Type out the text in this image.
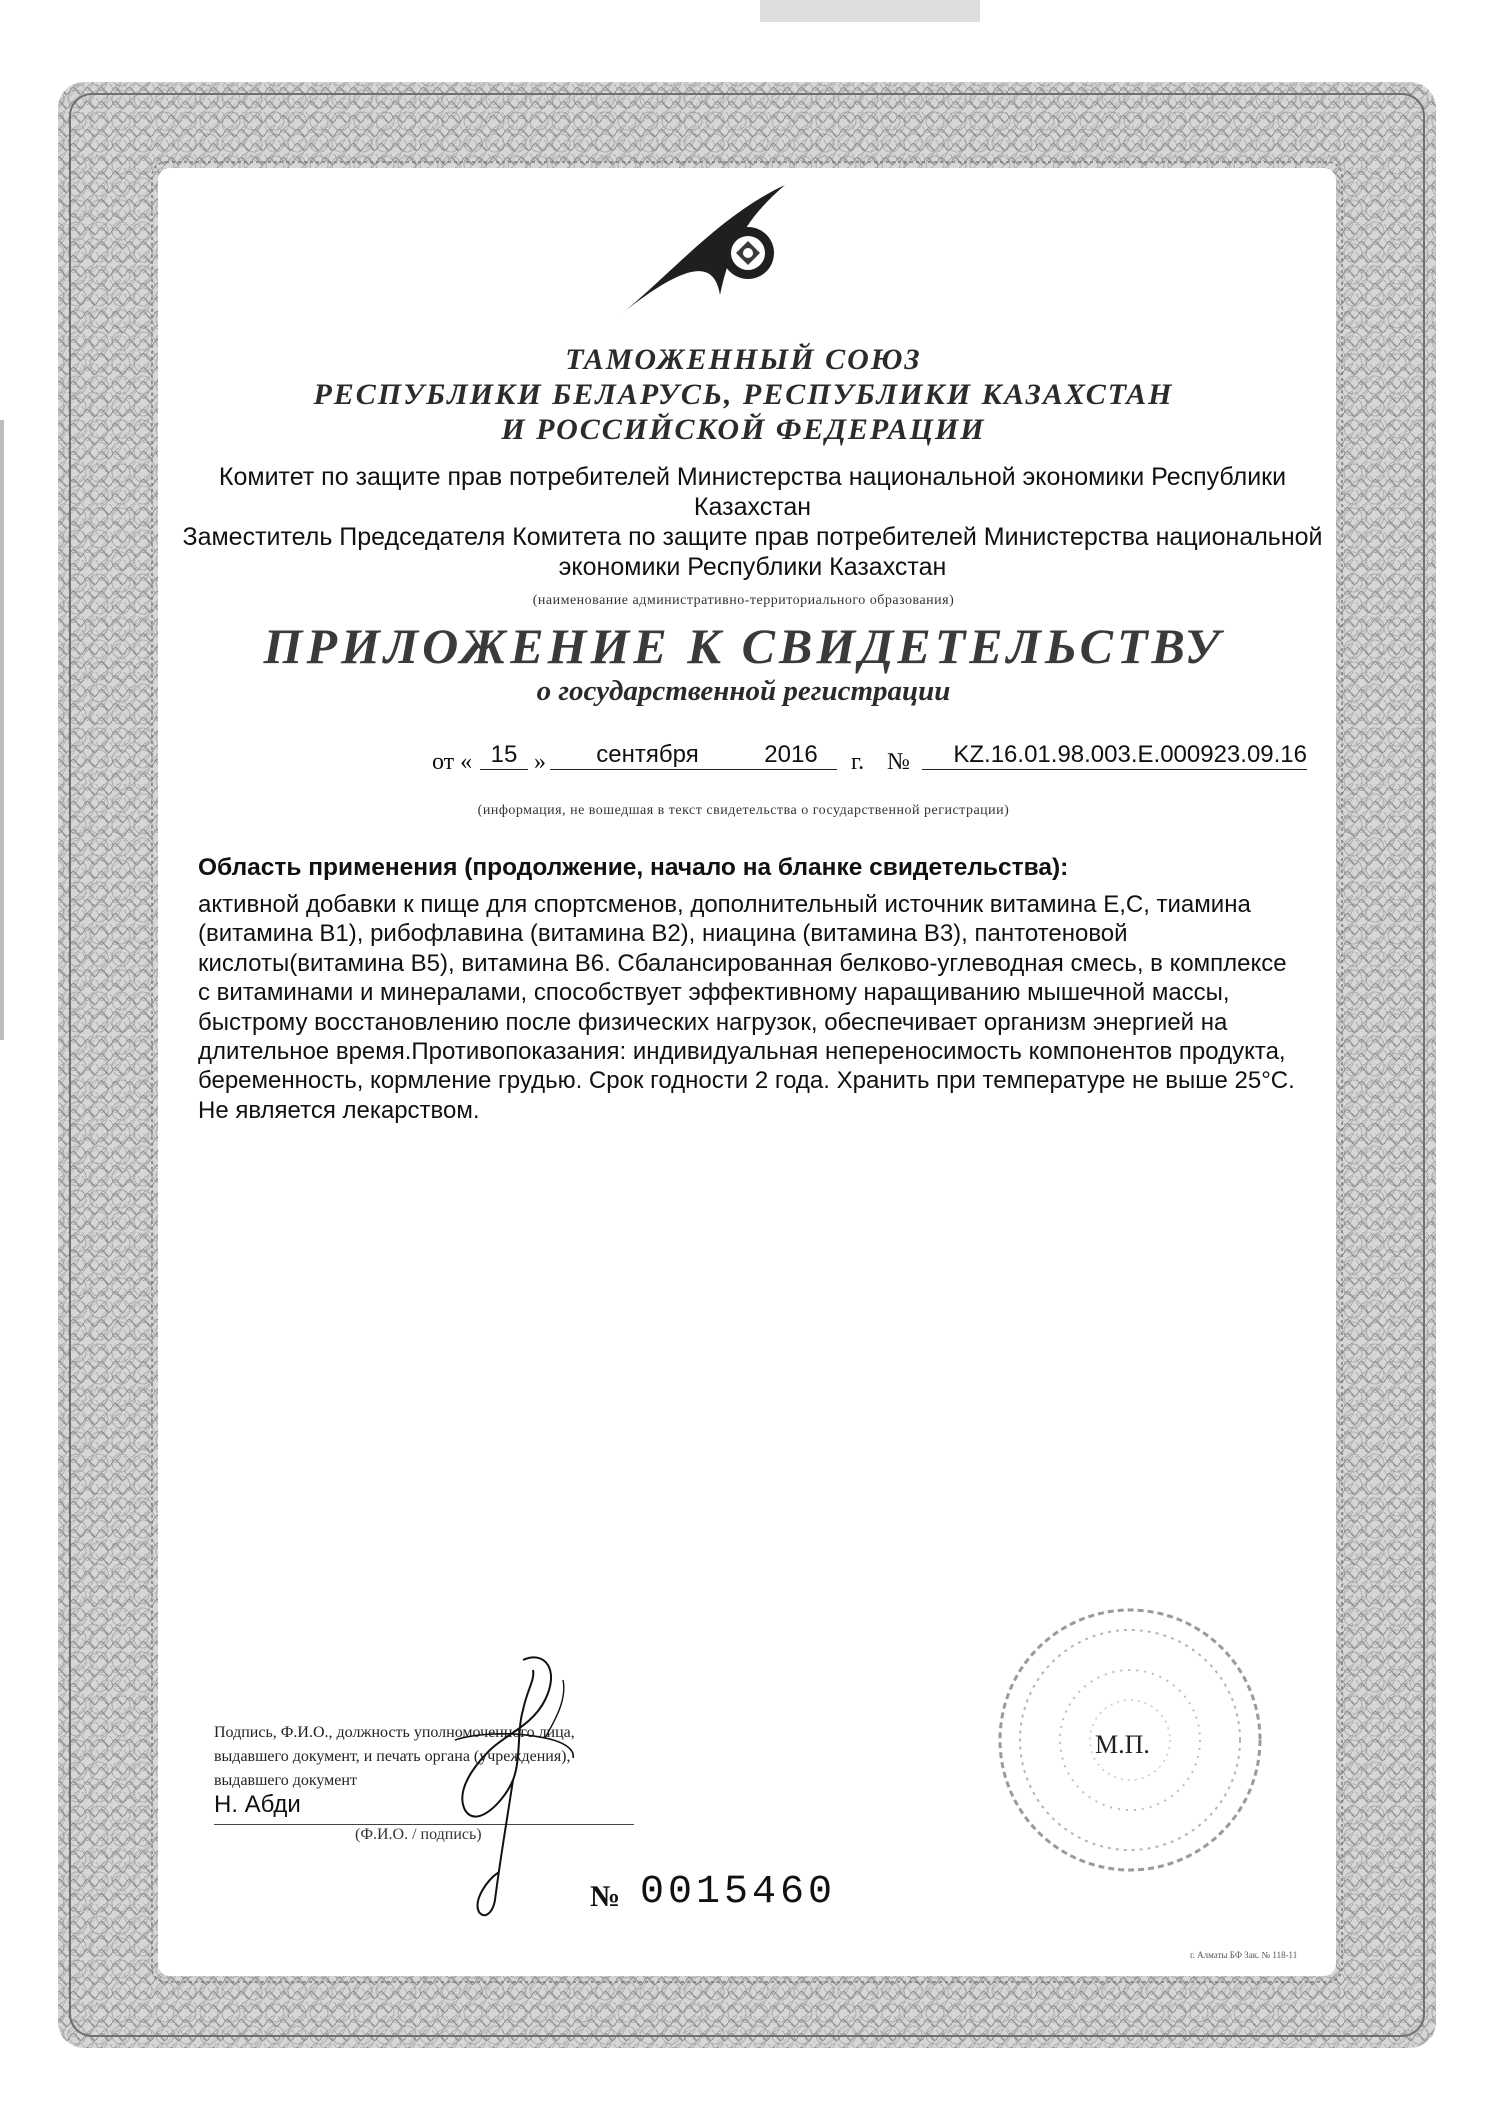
ТАМОЖЕННЫЙ СОЮЗ
РЕСПУБЛИКИ БЕЛАРУСЬ, РЕСПУБЛИКИ КАЗАХСТАН
И РОССИЙСКОЙ ФЕДЕРАЦИИ
Комитет по защите прав потребителей Министерства национальной экономики Республики
Казахстан
Заместитель Председателя Комитета по защите прав потребителей Министерства национальной
экономики Республики Казахстан
(наименование административно-территориального образования)
ПРИЛОЖЕНИЕ К СВИДЕТЕЛЬСТВУ
о государственной регистрации
от « 15 »	сентября	2016	г. №	KZ.16.01.98.003.E.000923.09.16
(информация, не вошедшая в текст свидетельства о государственной регистрации)
Область применения (продолжение, начало на бланке свидетельства):
активной добавки к пище для спортсменов, дополнительный источник витамина Е,С, тиамина
(витамина В1), рибофлавина (витамина В2), ниацина (витамина В3), пантотеновой
кислоты(витамина В5), витамина В6. Сбалансированная белково-углеводная смесь, в комплексе
с витаминами и минералами, способствует эффективному наращиванию мышечной массы,
быстрому восстановлению после физических нагрузок, обеспечивает организм энергией на
длительное время.Противопоказания: индивидуальная непереносимость компонентов продукта,
беременность, кормление грудью. Срок годности 2 года. Хранить при температуре не выше 25°С.
Не является лекарством.
Подпись, Ф.И.О., должность уполномоченного лица,
выдавшего документ, и печать органа (учреждения),
выдавшего документ
Н. Абди
(Ф.И.О. / подпись)
№ 0015460
М.П.
г. Алматы БФ Зак. № 118-11
